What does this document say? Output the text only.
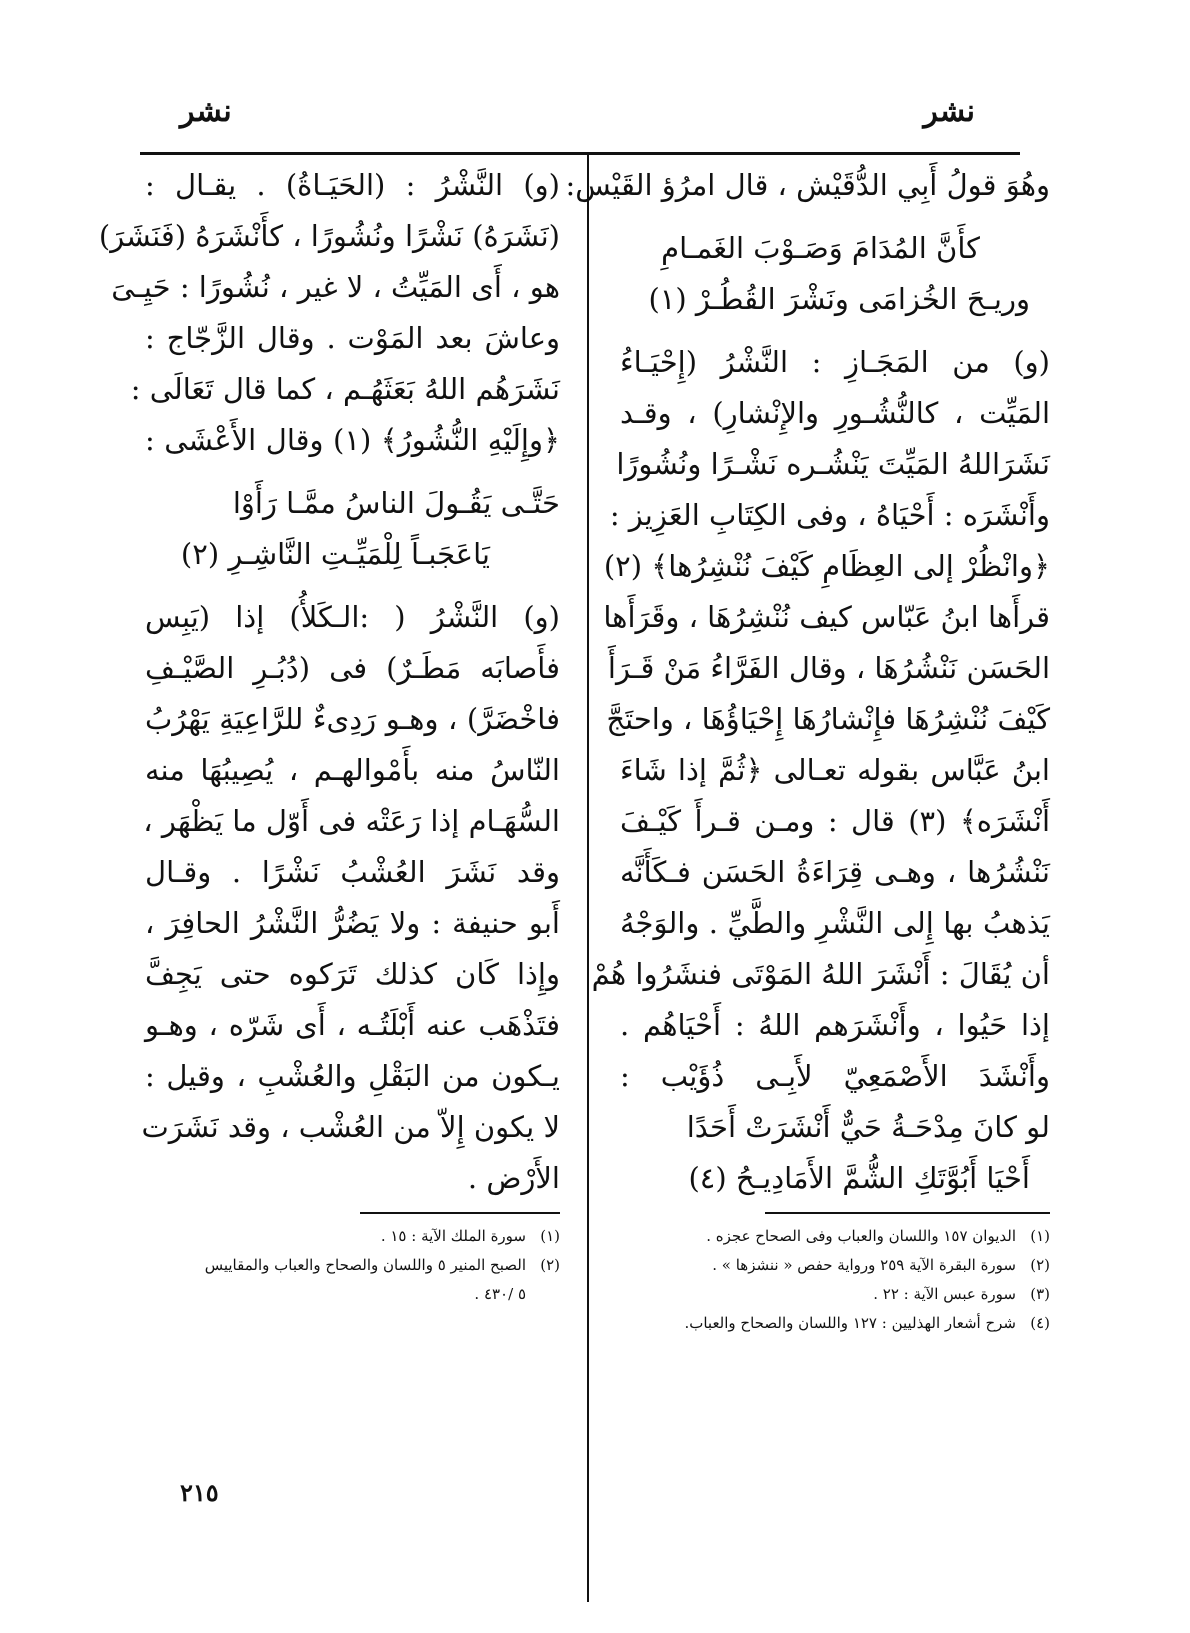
نشر
نشر
وهُوَ قولُ أَبِي الدُّقَيْش ، قال امرُؤ القَيْس:
كأَنَّ المُدَامَ وَصَـوْبَ الغَمـامِ
وريـحَ الخُزامَى ونَشْرَ القُطُـرْ (١)
(و) من المَجَـازِ : النَّشْرُ (إِحْيَـاءُ
المَيِّت ، كالنُّشُـورِ والإِنْشارِ) ، وقـد
نَشَرَاللهُ المَيِّتَ يَنْشُـره نَشْـرًا ونُشُورًا
وأَنْشَرَه : أَحْيَاهُ ، وفى الكِتَابِ العَزِيز :
﴿وانْظُرْ إلى العِظَامِ كَيْفَ نُنْشِرُها﴾ (٢)
قرأَها ابنُ عَبّاس كيف نُنْشِرُهَا ، وقَرَأَها
الحَسَن نَنْشُرُهَا ، وقال الفَرَّاءُ مَنْ قَـرَأَ
كَيْفَ نُنْشِرُهَا فإِنْشارُهَا إِحْيَاؤُهَا ، واحتَجَّ
ابنُ عَبَّاس بقوله تعـالى ﴿ثُمَّ إذا شَاءَ
أَنْشَرَه﴾ (٣) قال : ومـن قـرأَ كَيْـفَ
نَنْشُرُها ، وهـى قِرَاءَةُ الحَسَن فـكَأَنَّه
يَذهبُ بها إِلى النَّشْرِ والطَّيِّ . والوَجْهُ
أن يُقَالَ : أَنْشَرَ اللهُ المَوْتَى فنشَرُوا هُمْ
إذا حَيُوا ، وأَنْشَرَهم اللهُ : أَحْيَاهُم .
وأَنْشَدَ الأَصْمَعِيّ لأَبِـى ذُؤَيْب :
لو كانَ مِدْحَـةُ حَيٌّ أَنْشَرَتْ أَحَدًا
أَحْيَا أَبُوَّتَكِ الشُّمَّ الأَمَادِيـحُ (٤)
(١)الديوان ١٥٧ واللسان والعباب وفى الصحاح عجزه .
(٢)سورة البقرة الآية ٢٥٩ ورواية حفص « ننشزها » .
(٣)سورة عبس الآية : ٢٢ .
(٤)شرح أشعار الهذليين : ١٢٧ واللسان والصحاح والعباب.
(و) النَّشْرُ : (الحَيَـاةُ) . يقـال :
(نَشَرَهُ) نَشْرًا ونُشُورًا ، كأَنْشَرَهُ (فَنَشَرَ)
هو ، أَى المَيِّتُ ، لا غير ، نُشُورًا : حَيِـىَ
وعاشَ بعد المَوْت . وقال الزَّجّاج :
نَشَرَهُم اللهُ بَعَثَهُـم ، كما قال تَعَالَى :
﴿وإِلَيْهِ النُّشُورُ﴾ (١) وقال الأَعْشَى :
حَتَّـى يَقُـولَ الناسُ ممَّـا رَأَوْا
يَاعَجَبـاً لِلْمَيِّـتِ النَّاشِـرِ (٢)
(و) النَّشْرُ ( :الـكَلأُ) إذا (يَبِس
فأَصابَه مَطَـرٌ) فى (دُبُـرِ الصَّيْـفِ
فاخْضَرَّ) ، وهـو رَدِىءٌ للرَّاعِيَةِ يَهْرُبُ
النّاسُ منه بأَمْوالهـم ، يُصِيبُهَا منه
السُّهَـام إذا رَعَتْه فى أَوّل ما يَظْهَر ،
وقد نَشَرَ العُشْبُ نَشْرًا . وقـال
أَبو حنيفة : ولا يَضُرُّ النَّشْرُ الحافِرَ ،
وإِذا كَان كذلك تَرَكوه حتى يَجِفَّ
فتَذْهَب عنه أَبْلَتُـه ، أَى شَرّه ، وهـو
يـكون من البَقْلِ والعُشْبِ ، وقيل :
لا يكون إِلاّ من العُشْب ، وقد نَشَرَت
الأَرْض .
(١)سورة الملك الآية : ١٥ .
(٢)الصبح المنير ٥ واللسان والصحاح والعباب والمقاييس
٥ /٤٣٠ .
٢١٥
